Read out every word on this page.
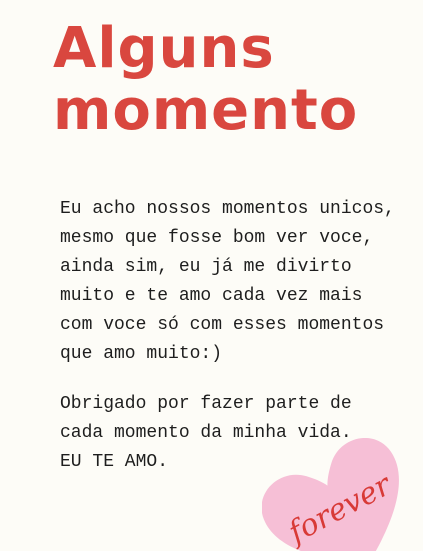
Alguns
momento

Eu acho nossos momentos unicos,
mesmo que fosse bom ver voce,
ainda sim, eu já me divirto
muito e te amo cada vez mais
com voce só com esses momentos
que amo muito:)

Obrigado por fazer parte de
cada momento da minha vida.
EU TE AMO.

forever
